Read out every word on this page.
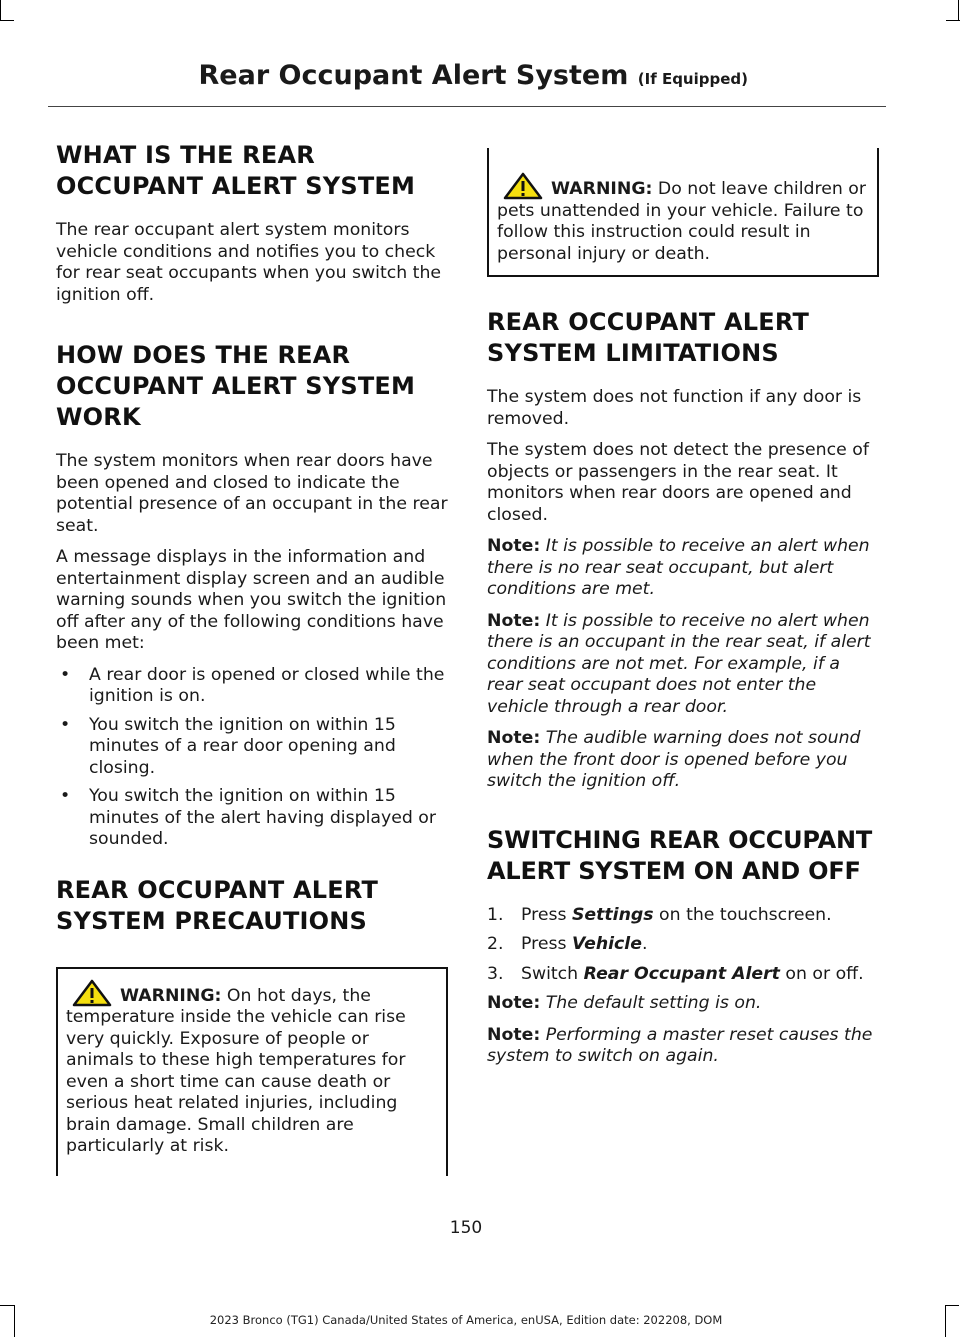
Rear Occupant Alert System (If Equipped)
WHAT IS THE REAR
OCCUPANT ALERT SYSTEM

The rear occupant alert system monitors vehicle conditions and notifies you to check for rear seat occupants when you switch the ignition off.

HOW DOES THE REAR
OCCUPANT ALERT SYSTEM
WORK

The system monitors when rear doors have been opened and closed to indicate the potential presence of an occupant in the rear seat.

A message displays in the information and entertainment display screen and an audible warning sounds when you switch the ignition off after any of the following conditions have been met:

• A rear door is opened or closed while the ignition is on.
• You switch the ignition on within 15 minutes of a rear door opening and closing.
• You switch the ignition on within 15 minutes of the alert having displayed or sounded.
REAR OCCUPANT ALERT
SYSTEM PRECAUTIONS
WARNING: On hot days, the temperature inside the vehicle can rise very quickly. Exposure of people or animals to these high temperatures for even a short time can cause death or serious heat related injuries, including brain damage. Small children are particularly at risk.
WARNING: Do not leave children or pets unattended in your vehicle. Failure to follow this instruction could result in personal injury or death.
REAR OCCUPANT ALERT
SYSTEM LIMITATIONS

The system does not function if any door is removed.

The system does not detect the presence of objects or passengers in the rear seat. It monitors when rear doors are opened and closed.

Note: It is possible to receive an alert when there is no rear seat occupant, but alert conditions are met.

Note: It is possible to receive no alert when there is an occupant in the rear seat, if alert conditions are not met. For example, if a rear seat occupant does not enter the vehicle through a rear door.

Note: The audible warning does not sound when the front door is opened before you switch the ignition off.

SWITCHING REAR OCCUPANT
ALERT SYSTEM ON AND OFF
1. Press Settings on the touchscreen.
2. Press Vehicle.
3. Switch Rear Occupant Alert on or off.

Note: The default setting is on.

Note: Performing a master reset causes the system to switch on again.

150
2023 Bronco (TG1) Canada/United States of America, enUSA, Edition date: 202208, DOM
